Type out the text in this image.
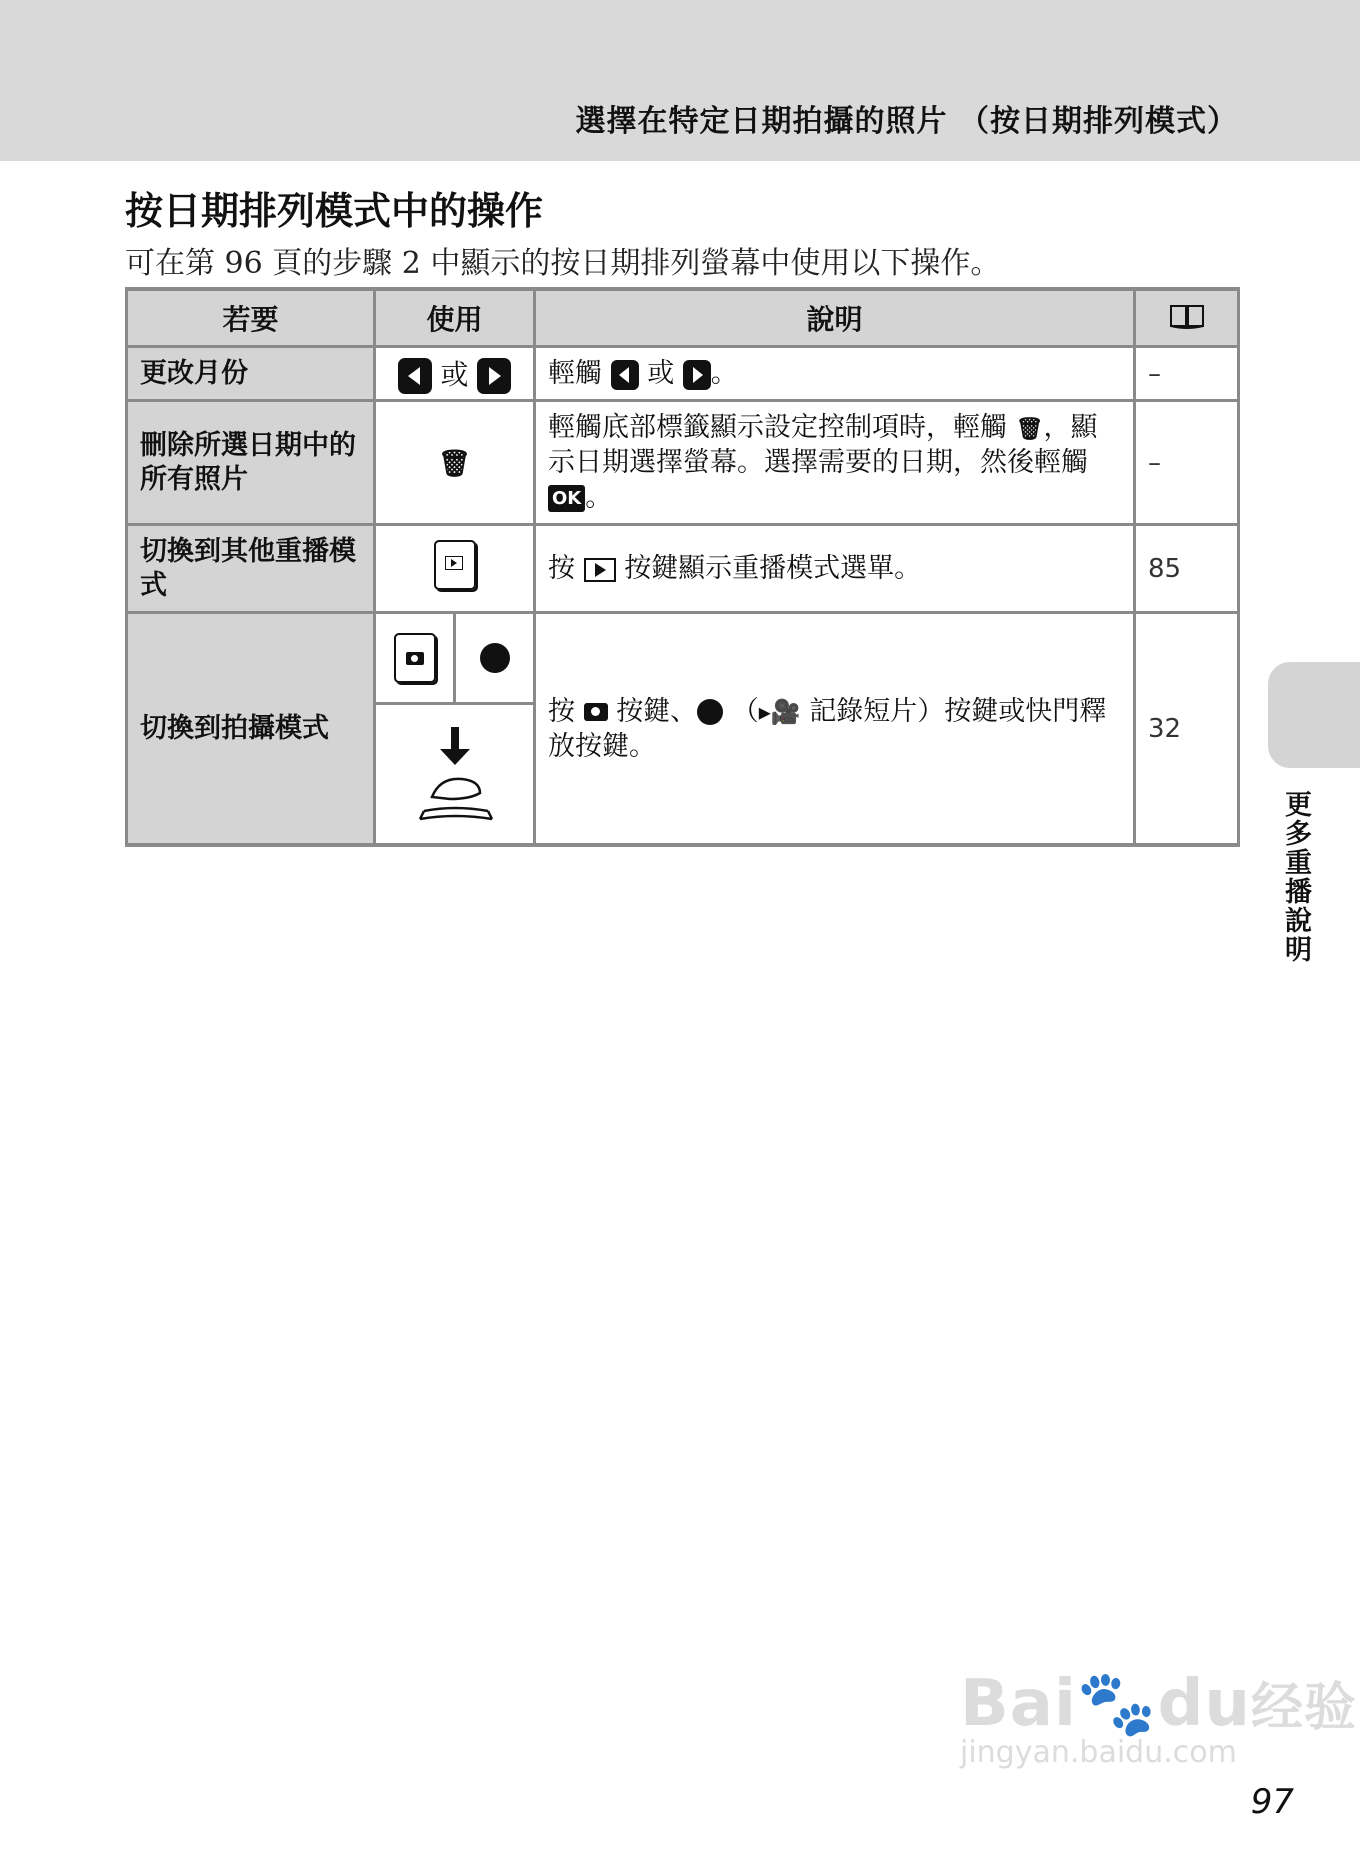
選擇在特定日期拍攝的照片 （按日期排列模式）
按日期排列模式中的操作
可在第 96 頁的步驟 2 中顯示的按日期排列螢幕中使用以下操作。
若要	使用	說明	
更改月份	或	輕觸 或 。	–
刪除所選日期中的所有照片	🗑	輕觸底部標籤顯示設定控制項時，輕觸 🗑，顯示日期選擇螢幕。選擇需要的日期，然後輕觸 OK 。	–
切換到其他重播模式		按 按鍵顯示重播模式選單。	85
切換到拍攝模式		按 按鍵、 （▸🎥 記錄短片）按鍵或快門釋放按鍵。	32
更多重播說明
Bai🐾du经验
jingyan.baidu.com
97
